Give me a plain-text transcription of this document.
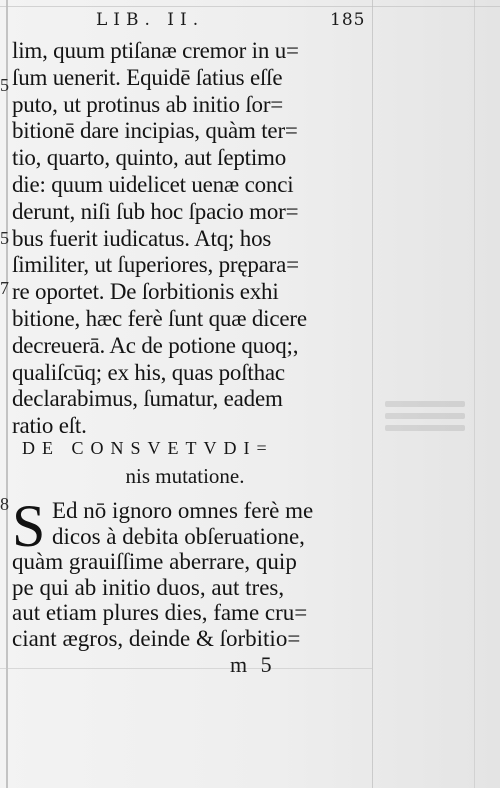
LIB. II.	185
5
5
7
8
lim, quum ptiſanæ cremor in u=
ſum uenerit. Equidē ſatius eſſe
puto, ut protinus ab initio ſor=
bitionē dare incipias, quàm ter=
tio, quarto, quinto, aut ſeptimo
die: quum uidelicet uenæ conci
derunt, niſi ſub hoc ſpacio mor=
bus fuerit iudicatus. Atq; hos
ſimiliter, ut ſuperiores, prępara=
re oportet. De ſorbitionis exhi
bitione, hæc ferè ſunt quæ dicere
decreuerā. Ac de potione quoq;,
qualiſcūq; ex his, quas poſthac
declarabimus, ſumatur, eadem
ratio eſt.
DE CONSVETVDI=
nis mutatione.
S Ed nō ignoro omnes ferè me
dicos à debita obſeruatione,
quàm grauiſſime aberrare, quip
pe qui ab initio duos, aut tres,
aut etiam plures dies, fame cru=
ciant ægros, deinde & ſorbitio=
m 5
